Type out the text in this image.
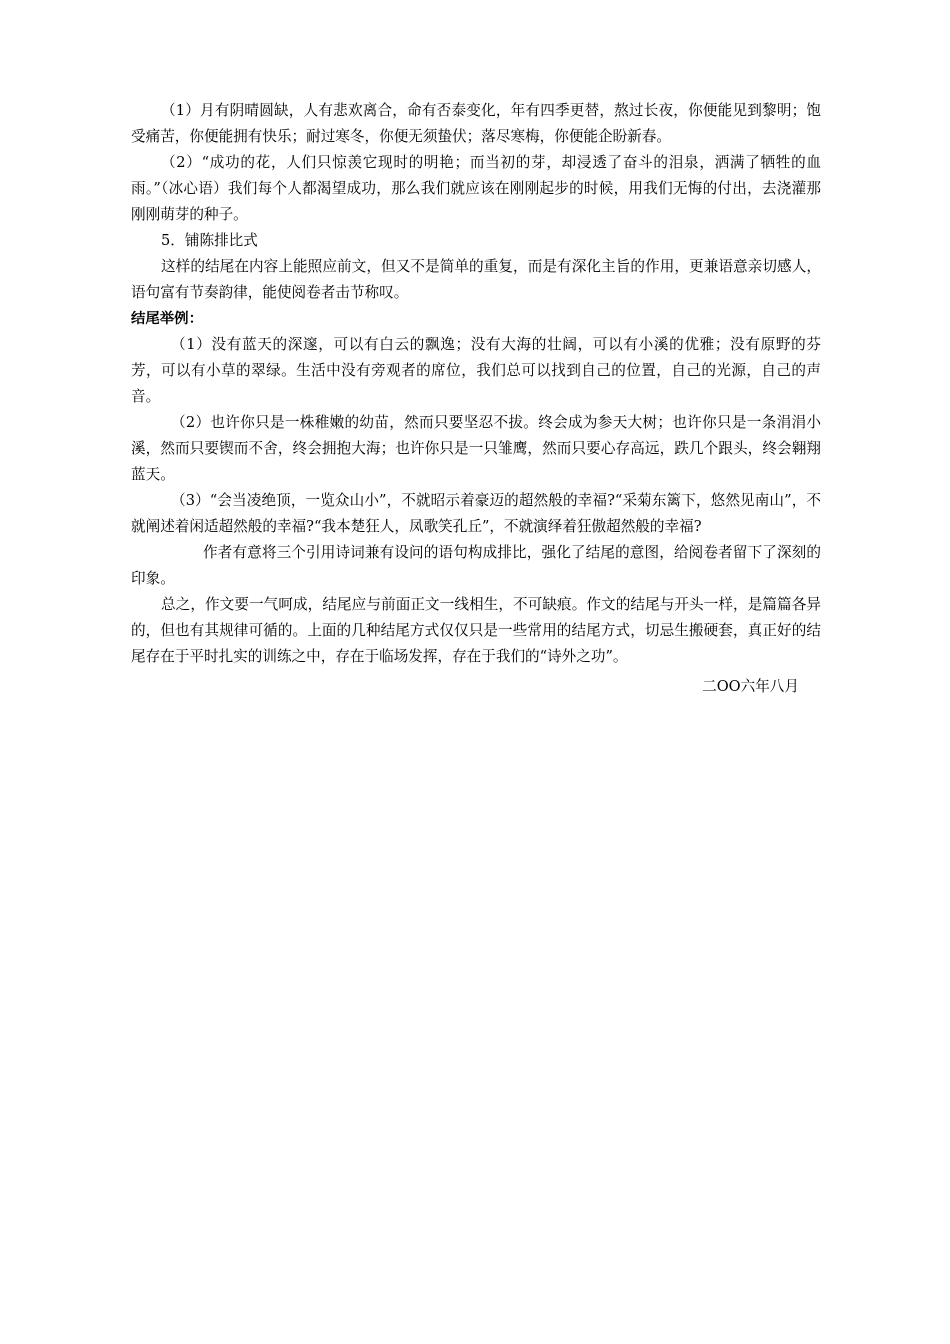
（1）月有阴晴圆缺，人有悲欢离合，命有否泰变化，年有四季更替，熬过长夜，你便能见到黎明；饱受痛苦，你便能拥有快乐；耐过寒冬，你便无须蛰伏；落尽寒梅，你便能企盼新春。

（2）“成功的花，人们只惊羡它现时的明艳；而当初的芽，却浸透了奋斗的泪泉，洒满了牺牲的血雨。”（冰心语）我们每个人都渴望成功，那么我们就应该在刚刚起步的时候，用我们无悔的付出，去浇灌那刚刚萌芽的种子。

5．铺陈排比式

这样的结尾在内容上能照应前文，但又不是简单的重复，而是有深化主旨的作用，更兼语意亲切感人，语句富有节奏韵律，能使阅卷者击节称叹。

结尾举例：

（1）没有蓝天的深邃，可以有白云的飘逸；没有大海的壮阔，可以有小溪的优雅；没有原野的芬芳，可以有小草的翠绿。生活中没有旁观者的席位，我们总可以找到自己的位置，自己的光源，自己的声音。

（2）也许你只是一株稚嫩的幼苗，然而只要坚忍不拔。终会成为参天大树；也许你只是一条涓涓小溪，然而只要锲而不舍，终会拥抱大海；也许你只是一只雏鹰，然而只要心存高远，跌几个跟头，终会翱翔蓝天。

（3）“会当凌绝顶，一览众山小”，不就昭示着豪迈的超然般的幸福?“采菊东篱下，悠然见南山”，不就阐述着闲适超然般的幸福?“我本楚狂人，凤歌笑孔丘”，不就演绎着狂傲超然般的幸福?

作者有意将三个引用诗词兼有设问的语句构成排比，强化了结尾的意图，给阅卷者留下了深刻的印象。

总之，作文要一气呵成，结尾应与前面正文一线相生，不可缺痕。作文的结尾与开头一样，是篇篇各异的，但也有其规律可循的。上面的几种结尾方式仅仅只是一些常用的结尾方式，切忌生搬硬套，真正好的结尾存在于平时扎实的训练之中，存在于临场发挥，存在于我们的“诗外之功”。

二OO六年八月
